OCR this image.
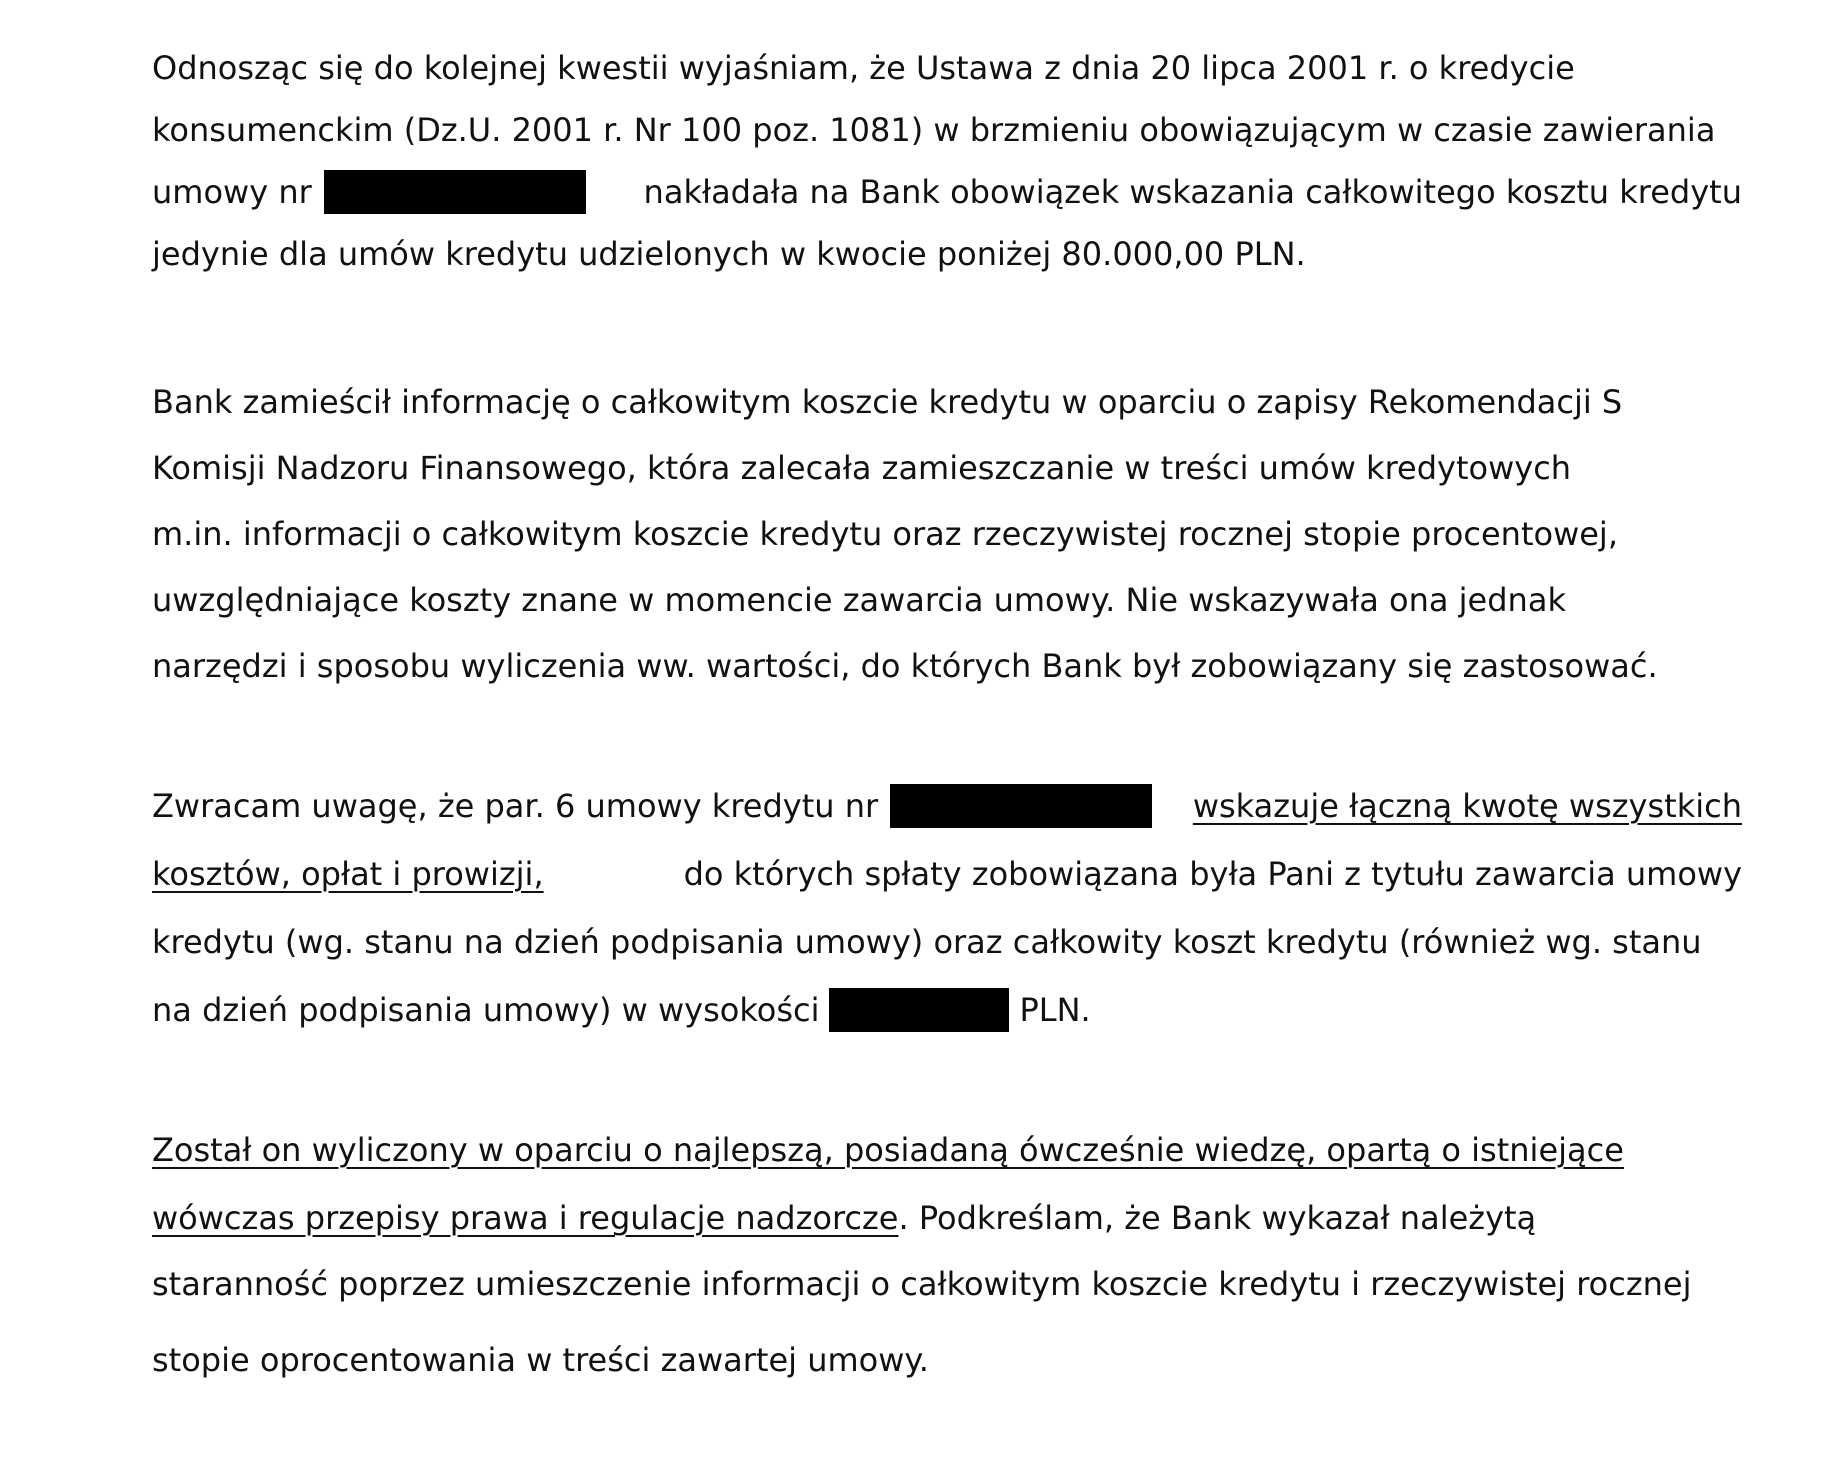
Odnosząc się do kolejnej kwestii wyjaśniam, że Ustawa z dnia 20 lipca 2001 r. o kredycie
konsumenckim (Dz.U. 2001 r. Nr 100 poz. 1081) w brzmieniu obowiązującym w czasie zawierania
umowy nr	nakładała na Bank obowiązek wskazania całkowitego kosztu kredytu
jedynie dla umów kredytu udzielonych w kwocie poniżej 80.000,00 PLN.
Bank zamieścił informację o całkowitym koszcie kredytu w oparciu o zapisy Rekomendacji S
Komisji Nadzoru Finansowego, która zalecała zamieszczanie w treści umów kredytowych
m.in. informacji o całkowitym koszcie kredytu oraz rzeczywistej rocznej stopie procentowej,
uwzględniające koszty znane w momencie zawarcia umowy. Nie wskazywała ona jednak
narzędzi i sposobu wyliczenia ww. wartości, do których Bank był zobowiązany się zastosować.
Zwracam uwagę, że par. 6 umowy kredytu nr	wskazuje łączną kwotę wszystkich
kosztów, opłat i prowizji,	do których spłaty zobowiązana była Pani z tytułu zawarcia umowy
kredytu (wg. stanu na dzień podpisania umowy) oraz całkowity koszt kredytu (również wg. stanu
na dzień podpisania umowy) w wysokości	PLN.
Został on wyliczony w oparciu o najlepszą, posiadaną ówcześnie wiedzę, opartą o istniejące
wówczas przepisy prawa i regulacje nadzorcze . Podkreślam, że Bank wykazał należytą
staranność poprzez umieszczenie informacji o całkowitym koszcie kredytu i rzeczywistej rocznej
stopie oprocentowania w treści zawartej umowy.
